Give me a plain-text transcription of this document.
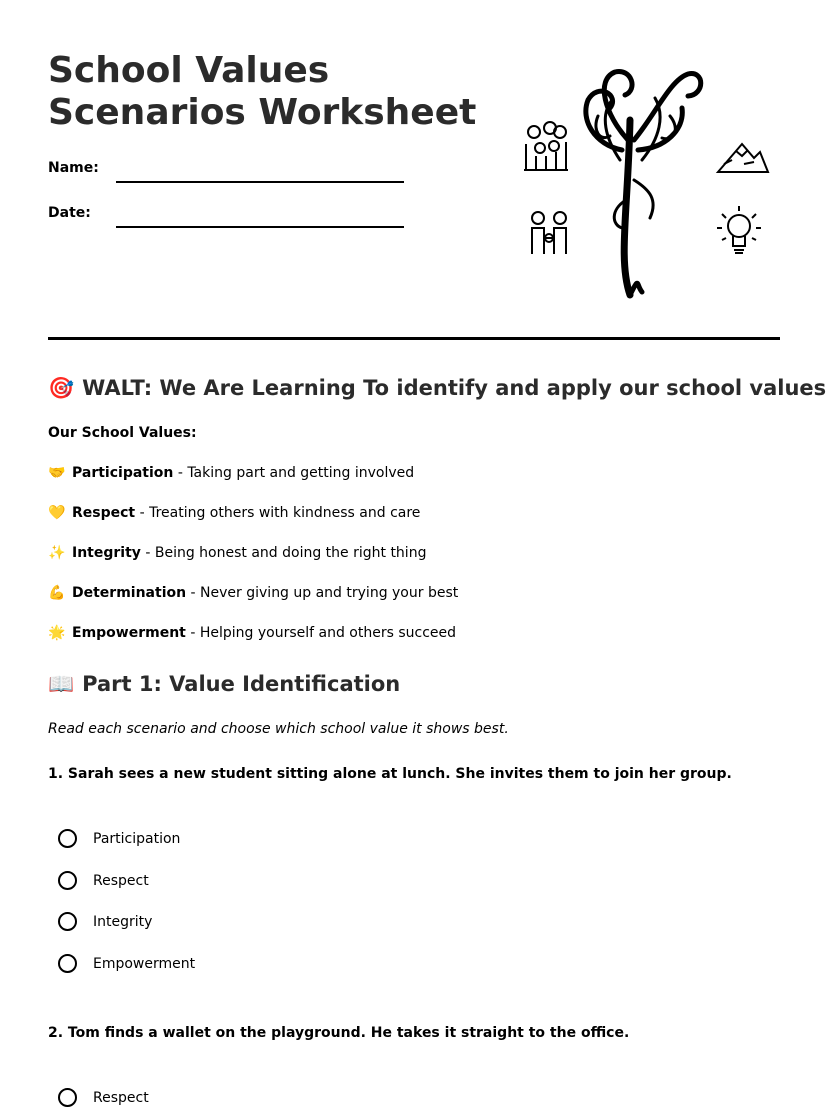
School Values Scenarios Worksheet
Name:
Date:
🎯 WALT: We Are Learning To identify and apply our school values
Our School Values:
🤝 Participation - Taking part and getting involved
💛 Respect - Treating others with kindness and care
✨ Integrity - Being honest and doing the right thing
💪 Determination - Never giving up and trying your best
🌟 Empowerment - Helping yourself and others succeed
📖 Part 1: Value Identification
Read each scenario and choose which school value it shows best.
1. Sarah sees a new student sitting alone at lunch. She invites them to join her group.
Participation
Respect
Integrity
Empowerment
2. Tom finds a wallet on the playground. He takes it straight to the office.
Respect
